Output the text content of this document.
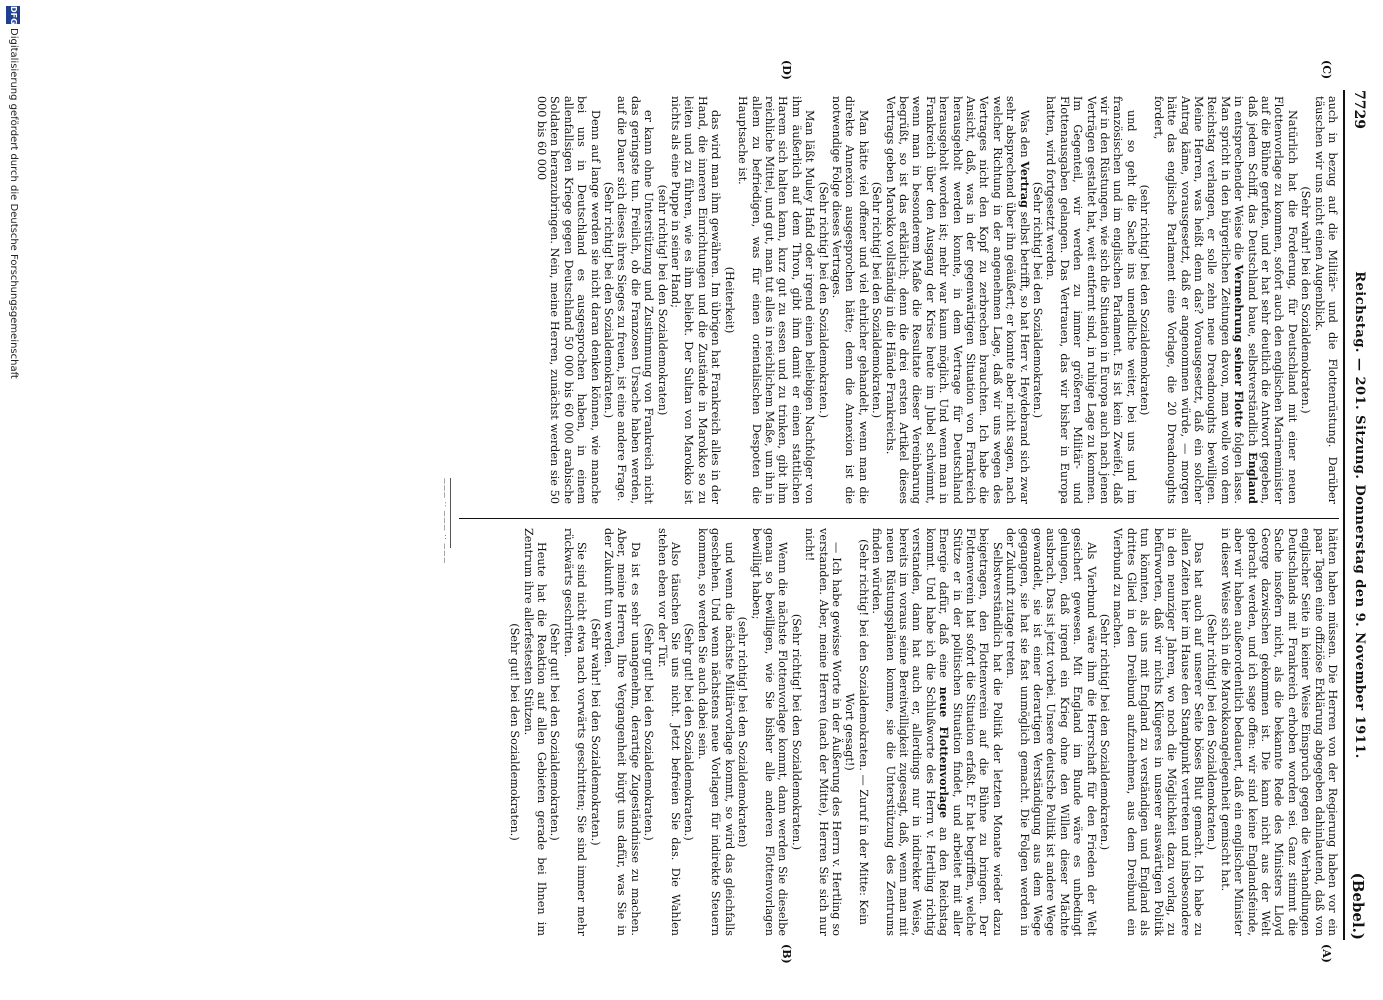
7729
Reichstag. — 201. Sitzung. Donnerstag den 9. November 1911.
(Bebel.)
(A)
(B)
(C)
(D)

auch in bezug auf die Militär- und die Flottenrüstung. Darüber täuschen wir uns nicht einen Augenblick.

(Sehr wahr! bei den Sozialdemokraten.)

Natürlich hat die Forderung, für Deutschland mit einer neuen Flottenvorlage zu kommen, sofort auch den englischen Marineminister auf die Bühne gerufen, und er hat sehr deutlich die Antwort gegeben, daß jedem Schiff, das Deutschland baue, selbstverständlich England in entsprechender Weise die Vermehrung seiner Flotte folgen lasse. Man spricht in den bürgerlichen Zeitungen davon, man wolle von dem Reichstag verlangen, er solle zehn neue Dreadnoughts bewilligen. Meine Herren, was heißt denn das? Vorausgesetzt, daß ein solcher Antrag käme, vorausgesetzt, daß er angenommen würde, — morgen hätte das englische Parlament eine Vorlage, die 20 Dreadnoughts fordert,

(sehr richtig! bei den Sozialdemokraten)

und so geht die Sache ins unendliche weiter, bei uns und im französischen und im englischen Parlament. Es ist kein Zweifel, daß wir in den Rüstungen, wie sich die Situation in Europa auch nach jenen Verträgen gestaltet hat, weit entfernt sind, in ruhige Lage zu kommen. Im Gegenteil, wir werden zu immer größeren Militär- und Flottenausgaben gelangen. Das Vertrauen, das wir bisher in Europa hatten, wird fortgesetzt werden.

(Sehr richtig! bei den Sozialdemokraten.)

Was den Vertrag selbst betrifft, so hat Herr v. Heydebrand sich zwar sehr absprechend über ihn geäußert; er konnte aber nicht sagen, nach welcher Richtung in der angenehmen Lage, daß wir uns wegen des Vertrages nicht den Kopf zu zerbrechen brauchten. Ich habe die Ansicht, daß, was in der gegenwärtigen Situation von Frankreich herausgeholt werden konnte, in dem Vertrage für Deutschland herausgeholt worden ist; mehr war kaum möglich. Und wenn man in Frankreich über den Ausgang der Krise heute im Jubel schwimmt, wenn man in besonderem Maße die Resultate dieser Vereinbarung begrüßt, so ist das erklärlich; denn die drei ersten Artikel dieses Vertrags geben Marokko vollständig in die Hände Frankreichs.

(Sehr richtig! bei den Sozialdemokraten.)

Man hätte viel offener und viel ehrlicher gehandelt, wenn man die direkte Annexion ausgesprochen hätte; denn die Annexion ist die notwendige Folge dieses Vertrages.

(Sehr richtig! bei den Sozialdemokraten.)

Man läßt Muley Hafid oder irgend einen beliebigen Nachfolger von ihm äußerlich auf dem Thron, gibt ihm damit er einen stattlichen Harem sich halten kann, kurz gut zu essen und zu trinken, gibt ihm reichliche Mittel, und gut, man tut alles in reichlichem Maße, um ihn in allem zu befriedigen, was für einen orientalischen Despoten die Hauptsache ist.

(Heiterkeit)

das wird man ihm gewähren. Im übrigen hat Frankreich alles in der Hand, die inneren Einrichtungen und die Zustände in Marokko so zu leiten und zu führen, wie es ihm beliebt. Der Sultan von Marokko ist nichts als eine Puppe in seiner Hand;

(sehr richtig! bei den Sozialdemokraten)

er kann ohne Unterstützung und Zustimmung von Frankreich nicht das geringste tun. Freilich, ob die Franzosen Ursache haben werden, auf die Dauer sich dieses ihres Sieges zu freuen, ist eine andere Frage.

(Sehr richtig! bei den Sozialdemokraten.)

Denn auf lange werden sie nicht daran denken können, wie manche bei uns in Deutschland es ausgesprochen haben, in einem allenfallsigen Kriege gegen Deutschland 50 000 bis 60 000 arabische Soldaten heranzubringen. Nein, meine Herren, zunächst werden sie 50 000 bis 60 000

hätten haben müssen. Die Herren von der Regierung haben vor ein paar Tagen eine offiziöse Erklärung abgegeben dahinlautend, daß von englischer Seite in keiner Weise Einspruch gegen die Verhandlungen Deutschlands mit Frankreich erhoben worden sei. Ganz stimmt die Sache insofern nicht, als die bekannte Rede des Ministers Lloyd George dazwischen gekommen ist. Die kann nicht aus der Welt gebracht werden, und ich sage offen: wir sind keine Englandsfeinde, aber wir haben außerordentlich bedauert, daß ein englischer Minister in dieser Weise sich in die Marokkoangelegenheit gemischt hat.

(Sehr richtig! bei den Sozialdemokraten.)

Das hat auch auf unserer Seite böses Blut gemacht. Ich habe zu allen Zeiten hier im Hause den Standpunkt vertreten und insbesondere in den neunziger Jahren, wo noch die Möglichkeit dazu vorlag, zu befürworten, daß wir nichts Klügeres in unserer auswärtigen Politik tun könnten, als uns mit England zu verständigen und England als drittes Glied in den Dreibund aufzunehmen, aus dem Dreibund ein Vierbund zu machen.

(Sehr richtig! bei den Sozialdemokraten.)

Als Vierbund wäre ihm die Herrschaft für den Frieden der Welt gesichert gewesen. Mit England im Bunde wäre es unbedingt gelungen, daß irgend ein Krieg ohne den Willen dieser Mächte ausbrach. Das ist jetzt vorbei. Unsere deutsche Politik ist andere Wege gewandelt, sie ist einer derartigen Verständigung aus dem Wege gegangen, sie hat sie fast unmöglich gemacht. Die Folgen werden in der Zukunft zutage treten.

Selbstverständlich hat die Politik der letzten Monate wieder dazu beigetragen, den Flottenverein auf die Bühne zu bringen. Der Flottenverein hat sofort die Situation erfaßt. Er hat begriffen, welche Stütze er in der politischen Situation findet, und arbeitet mit aller Energie dafür, daß eine neue Flottenvorlage an den Reichstag kommt. Und habe ich die Schlußworte des Herrn v. Hertling richtig verstanden, dann hat auch er, allerdings nur in indirekter Weise, bereits im voraus seine Bereitwilligkeit zugesagt, daß, wenn man mit neuen Rüstungsplänen komme, sie die Unterstützung des Zentrums finden würden.

(Sehr richtig! bei den Sozialdemokraten. — Zuruf in der Mitte: Kein Wort gesagt!)

— Ich habe gewisse Worte in der Äußerung des Herrn v. Hertling so verstanden. Aber, meine Herren (nach der Mitte), Herren Sie sich nur nicht!

(Sehr richtig! bei den Sozialdemokraten.)

Wenn die nächste Flottenvorlage kommt, dann werden Sie dieselbe genau so bewilligen, wie Sie bisher alle anderen Flottenvorlagen bewilligt haben;

(sehr richtig! bei den Sozialdemokraten)

und wenn die nächste Militärvorlage kommt, so wird das gleichfalls geschehen. Und wenn nächstens neue Vorlagen für indirekte Steuern kommen, so werden Sie auch dabei sein.

(Sehr gut! bei den Sozialdemokraten.)

Also täuschen Sie uns nicht. Jetzt befreien Sie das. Die Wahlen stehen eben vor der Tür.

(Sehr gut! bei den Sozialdemokraten.)

Da ist es sehr unangenehm, derartige Zugeständnisse zu machen. Aber, meine Herren, Ihre Vergangenheit bürgt uns dafür, was Sie in der Zukunft tun werden.

(Sehr wahr! bei den Sozialdemokraten.)

Sie sind nicht etwa nach vorwärts geschritten; Sie sind immer mehr rückwärts geschritten.

(Sehr gut! bei den Sozialdemokraten.)

Heute hat die Reaktion auf allen Gebieten gerade bei Ihnen im Zentrum ihre allerfestesten Stützen.

(Sehr gut! bei den Sozialdemokraten.)

——— ·· ——— ·· ———
DFG
Digitalisierung gefördert durch die Deutsche Forschungsgemeinschaft
